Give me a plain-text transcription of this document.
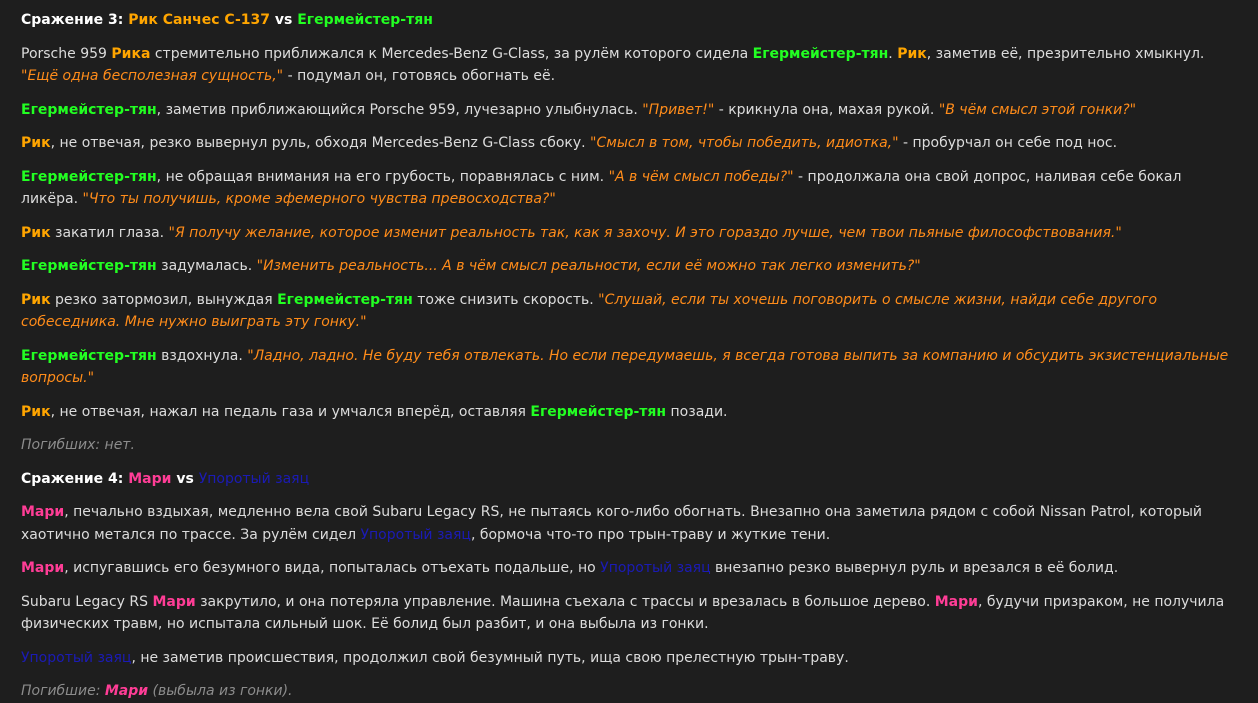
Сражение 3: Рик Санчес C-137 vs Егермейстер-тян
Porsche 959 Рика стремительно приближался к Mercedes-Benz G-Class, за рулём которого сидела Егермейстер-тян. Рик, заметив её, презрительно хмыкнул. "Ещё одна бесполезная сущность," - подумал он, готовясь обогнать её.
Егермейстер-тян, заметив приближающийся Porsche 959, лучезарно улыбнулась. "Привет!" - крикнула она, махая рукой. "В чём смысл этой гонки?"
Рик, не отвечая, резко вывернул руль, обходя Mercedes-Benz G-Class сбоку. "Смысл в том, чтобы победить, идиотка," - пробурчал он себе под нос.
Егермейстер-тян, не обращая внимания на его грубость, поравнялась с ним. "А в чём смысл победы?" - продолжала она свой допрос, наливая себе бокал ликёра. "Что ты получишь, кроме эфемерного чувства превосходства?"
Рик закатил глаза. "Я получу желание, которое изменит реальность так, как я захочу. И это гораздо лучше, чем твои пьяные философствования."
Егермейстер-тян задумалась. "Изменить реальность... А в чём смысл реальности, если её можно так легко изменить?"
Рик резко затормозил, вынуждая Егермейстер-тян тоже снизить скорость. "Слушай, если ты хочешь поговорить о смысле жизни, найди себе другого собеседника. Мне нужно выиграть эту гонку."
Егермейстер-тян вздохнула. "Ладно, ладно. Не буду тебя отвлекать. Но если передумаешь, я всегда готова выпить за компанию и обсудить экзистенциальные вопросы."
Рик, не отвечая, нажал на педаль газа и умчался вперёд, оставляя Егермейстер-тян позади.
Погибших: нет.
Сражение 4: Мари vs Упоротый заяц
Мари, печально вздыхая, медленно вела свой Subaru Legacy RS, не пытаясь кого-либо обогнать. Внезапно она заметила рядом с собой Nissan Patrol, который хаотично метался по трассе. За рулём сидел Упоротый заяц, бормоча что-то про трын-траву и жуткие тени.
Мари, испугавшись его безумного вида, попыталась отъехать подальше, но Упоротый заяц внезапно резко вывернул руль и врезался в её болид.
Subaru Legacy RS Мари закрутило, и она потеряла управление. Машина съехала с трассы и врезалась в большое дерево. Мари, будучи призраком, не получила физических травм, но испытала сильный шок. Её болид был разбит, и она выбыла из гонки.
Упоротый заяц, не заметив происшествия, продолжил свой безумный путь, ища свою прелестную трын-траву.
Погибшие: Мари (выбыла из гонки).
